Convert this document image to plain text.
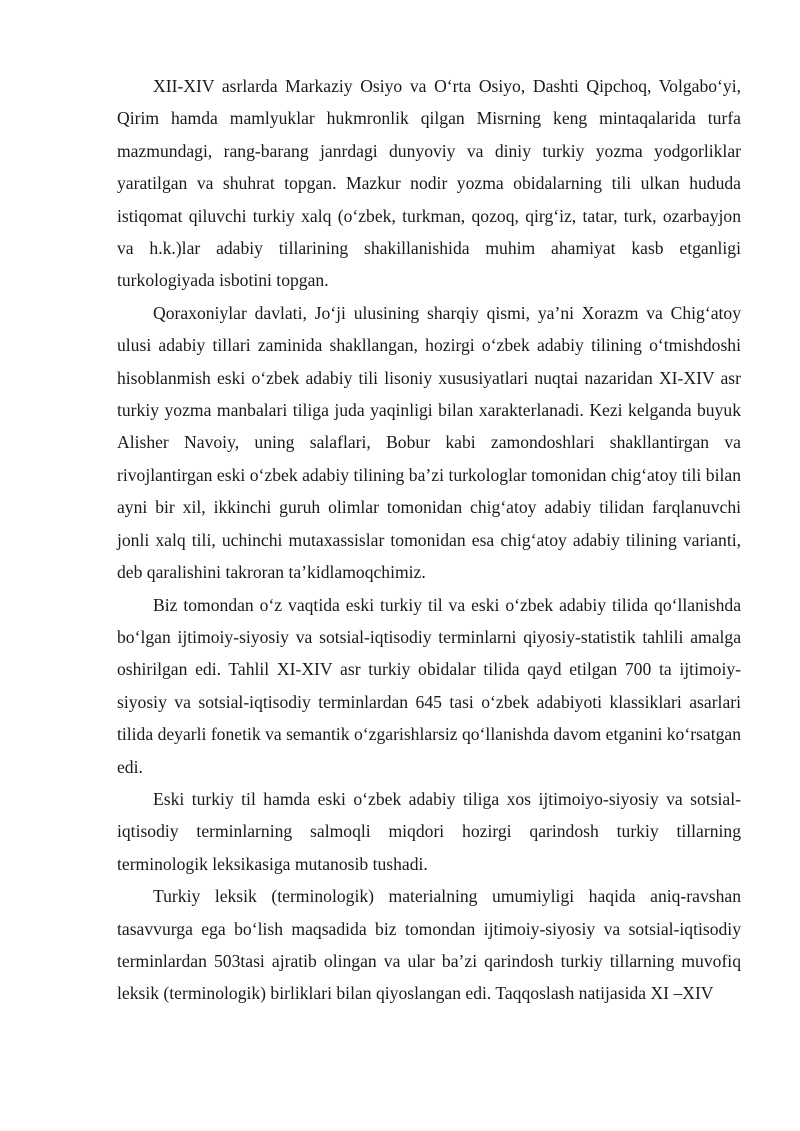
XII-XIV asrlarda Markaziy Osiyo va O‘rta Osiyo, Dashti Qipchoq, Volgabo‘yi, Qirim hamda mamlyuklar hukmronlik qilgan Misrning keng mintaqalarida turfa mazmundagi, rang-barang janrdagi dunyoviy va diniy turkiy yozma yodgorliklar yaratilgan va shuhrat topgan. Mazkur nodir yozma obidalarning tili ulkan hududa istiqomat qiluvchi turkiy xalq (o‘zbek, turkman, qozoq, qirg‘iz, tatar, turk, ozarbayjon va h.k.)lar adabiy tillarining shakillanishida muhim ahamiyat kasb etganligi turkologiyada isbotini topgan.

Qoraxoniylar davlati, Jo‘ji ulusining sharqiy qismi, ya’ni Xorazm va Chig‘atoy ulusi adabiy tillari zaminida shakllangan, hozirgi o‘zbek adabiy tilining o‘tmishdoshi hisoblanmish eski o‘zbek adabiy tili lisoniy xususiyatlari nuqtai nazaridan XI-XIV asr turkiy yozma manbalari tiliga juda yaqinligi bilan xarakterlanadi. Kezi kelganda buyuk Alisher Navoiy, uning salaflari, Bobur kabi zamondoshlari shakllantirgan va rivojlantirgan eski o‘zbek adabiy tilining ba’zi turkologlar tomonidan chig‘atoy tili bilan ayni bir xil, ikkinchi guruh olimlar tomonidan chig‘atoy adabiy tilidan farqlanuvchi jonli xalq tili, uchinchi mutaxassislar tomonidan esa chig‘atoy adabiy tilining varianti, deb qaralishini takroran ta’kidlamoqchimiz.

Biz tomondan o‘z vaqtida eski turkiy til va eski o‘zbek adabiy tilida qo‘llanishda bo‘lgan ijtimoiy-siyosiy va sotsial-iqtisodiy terminlarni qiyosiy-statistik tahlili amalga oshirilgan edi. Tahlil XI-XIV asr turkiy obidalar tilida qayd etilgan 700 ta ijtimoiy-siyosiy va sotsial-iqtisodiy terminlardan 645 tasi o‘zbek adabiyoti klassiklari asarlari tilida deyarli fonetik va semantik o‘zgarishlarsiz qo‘llanishda davom etganini ko‘rsatgan edi.

Eski turkiy til hamda eski o‘zbek adabiy tiliga xos ijtimoiyo-siyosiy va sotsial-iqtisodiy terminlarning salmoqli miqdori hozirgi qarindosh turkiy tillarning terminologik leksikasiga mutanosib tushadi.

Turkiy leksik (terminologik) materialning umumiyligi haqida aniq-ravshan tasavvurga ega bo‘lish maqsadida biz tomondan ijtimoiy-siyosiy va sotsial-iqtisodiy terminlardan 503tasi ajratib olingan va ular ba’zi qarindosh turkiy tillarning muvofiq leksik (terminologik) birliklari bilan qiyoslangan edi. Taqqoslash natijasida XI –XIV
